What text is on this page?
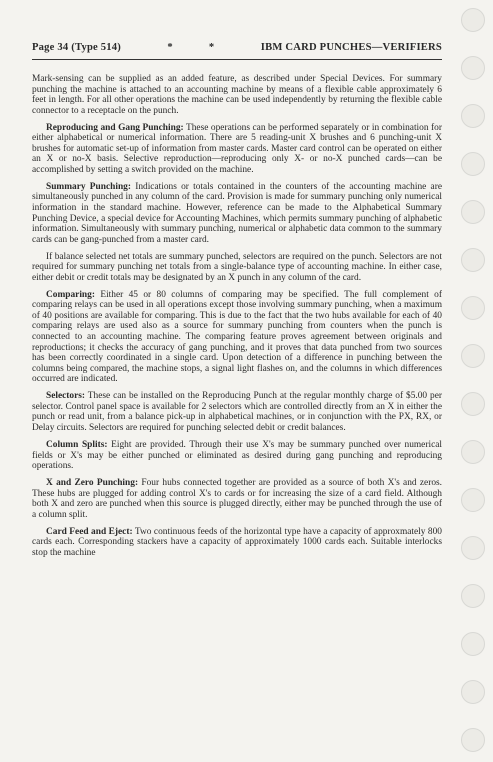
Page 34 (Type 514)	*	*	IBM CARD PUNCHES—VERIFIERS

Mark-sensing can be supplied as an added feature, as described under Special Devices. For summary punching the machine is attached to an accounting machine by means of a flexible cable approximately 6 feet in length. For all other operations the machine can be used independently by returning the flexible cable connector to a receptacle on the punch.

Reproducing and Gang Punching: These operations can be performed separately or in combination for either alphabetical or numerical information. There are 5 reading-unit X brushes and 6 punching-unit X brushes for automatic set-up of information from master cards. Master card control can be operated on either an X or no-X basis. Selective reproduction—reproducing only X- or no-X punched cards—can be accomplished by setting a switch provided on the machine.

Summary Punching: Indications or totals contained in the counters of the accounting machine are simultaneously punched in any column of the card. Provision is made for summary punching only numerical information in the standard machine. However, reference can be made to the Alphabetical Summary Punching Device, a special device for Accounting Machines, which permits summary punching of alphabetic information. Simultaneously with summary punching, numerical or alphabetic data common to the summary cards can be gang-punched from a master card.

If balance selected net totals are summary punched, selectors are required on the punch. Selectors are not required for summary punching net totals from a single-balance type of accounting machine. In either case, either debit or credit totals may be designated by an X punch in any column of the card.

Comparing: Either 45 or 80 columns of comparing may be specified. The full complement of comparing relays can be used in all operations except those involving summary punching, when a maximum of 40 positions are available for comparing. This is due to the fact that the two hubs available for each of 40 comparing relays are used also as a source for summary punching from counters when the punch is connected to an accounting machine. The comparing feature proves agreement between originals and reproductions; it checks the accuracy of gang punching, and it proves that data punched from two sources has been correctly coordinated in a single card. Upon detection of a difference in punching between the columns being compared, the machine stops, a signal light flashes on, and the columns in which differences occurred are indicated.

Selectors: These can be installed on the Reproducing Punch at the regular monthly charge of $5.00 per selector. Control panel space is available for 2 selectors which are controlled directly from an X in either the punch or read unit, from a balance pick-up in alphabetical machines, or in conjunction with the PX, RX, or Delay circuits. Selectors are required for punching selected debit or credit balances.

Column Splits: Eight are provided. Through their use X's may be summary punched over numerical fields or X's may be either punched or eliminated as desired during gang punching and reproducing operations.

X and Zero Punching: Four hubs connected together are provided as a source of both X's and zeros. These hubs are plugged for adding control X's to cards or for increasing the size of a card field. Although both X and zero are punched when this source is plugged directly, either may be punched through the use of a column split.

Card Feed and Eject: Two continuous feeds of the horizontal type have a capacity of approxmately 800 cards each. Corresponding stackers have a capacity of approximately 1000 cards each. Suitable interlocks stop the machine
